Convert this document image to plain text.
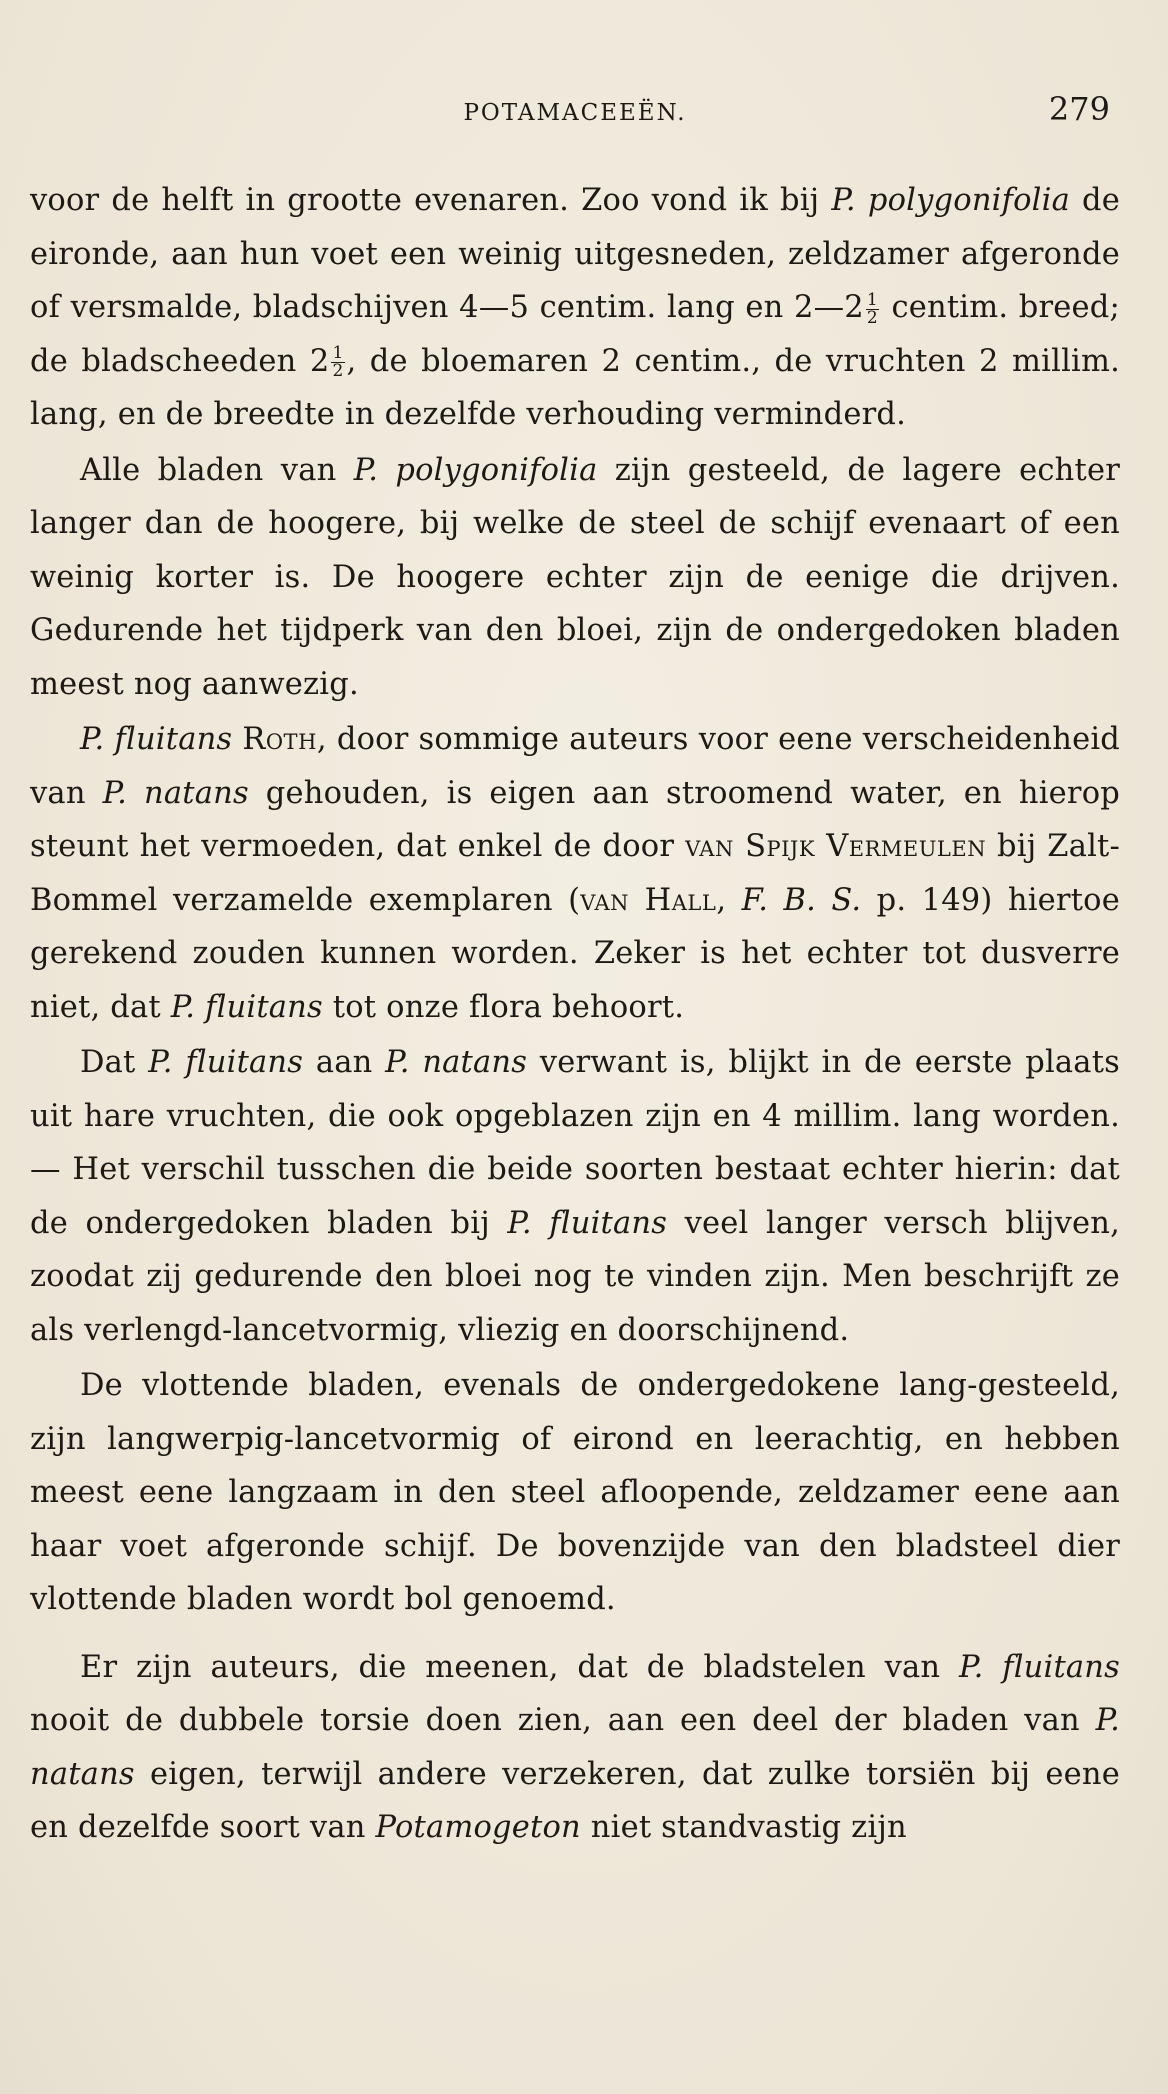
POTAMACEEËN.	279

voor de helft in grootte evenaren. Zoo vond ik bij P. polygonifolia de eironde, aan hun voet een weinig uitgesneden, zeldzamer afgeronde of versmalde, bladschijven 4—5 centim. lang en 2—2 $\frac{1}{2}$ centim. breed; de bladscheeden $2 \frac{1}{2}$ , de bloemaren 2 centim., de vruchten 2 millim. lang, en de breedte in dezelfde verhouding verminderd.

Alle bladen van P. polygonifolia zijn gesteeld, de lagere echter langer dan de hoogere, bij welke de steel de schijf evenaart of een weinig korter is. De hoogere echter zijn de eenige die drijven. Gedurende het tijdperk van den bloei, zijn de ondergedoken bladen meest nog aanwezig.

P. fluitans Roth, door sommige auteurs voor eene verscheidenheid van P. natans gehouden, is eigen aan stroomend water, en hierop steunt het vermoeden, dat enkel de door van Spijk Vermeulen bij Zalt-Bommel verzamelde exemplaren (van Hall, F. B. S. p. 149) hiertoe gerekend zouden kunnen worden. Zeker is het echter tot dusverre niet, dat P. fluitans tot onze flora behoort.

Dat P. fluitans aan P. natans verwant is, blijkt in de eerste plaats uit hare vruchten, die ook opgeblazen zijn en 4 millim. lang worden. — Het verschil tusschen die beide soorten bestaat echter hierin: dat de ondergedoken bladen bij P. fluitans veel langer versch blijven, zoodat zij gedurende den bloei nog te vinden zijn. Men beschrijft ze als verlengd-lancetvormig, vliezig en doorschijnend.

De vlottende bladen, evenals de ondergedokene lang-gesteeld, zijn langwerpig-lancetvormig of eirond en leerachtig, en hebben meest eene langzaam in den steel afloopende, zeldzamer eene aan haar voet afgeronde schijf. De bovenzijde van den bladsteel dier vlottende bladen wordt bol genoemd.

Er zijn auteurs, die meenen, dat de bladstelen van P. fluitans nooit de dubbele torsie doen zien, aan een deel der bladen van P. natans eigen, terwijl andere verzekeren, dat zulke torsiën bij eene en dezelfde soort van Potamogeton niet standvastig zijn
